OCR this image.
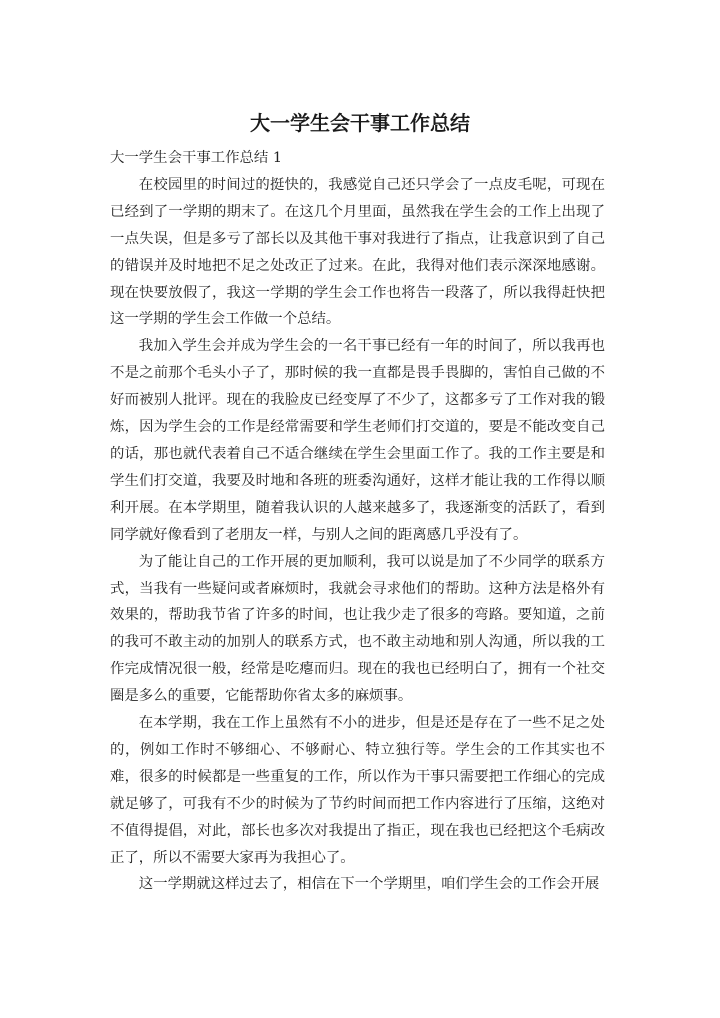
大一学生会干事工作总结

大一学生会干事工作总结 1

在校园里的时间过的挺快的，我感觉自己还只学会了一点皮毛呢，可现在已经到了一学期的期末了。在这几个月里面，虽然我在学生会的工作上出现了一点失误，但是多亏了部长以及其他干事对我进行了指点，让我意识到了自己的错误并及时地把不足之处改正了过来。在此，我得对他们表示深深地感谢。现在快要放假了，我这一学期的学生会工作也将告一段落了，所以我得赶快把这一学期的学生会工作做一个总结。

我加入学生会并成为学生会的一名干事已经有一年的时间了，所以我再也不是之前那个毛头小子了，那时候的我一直都是畏手畏脚的，害怕自己做的不好而被别人批评。现在的我脸皮已经变厚了不少了，这都多亏了工作对我的锻炼，因为学生会的工作是经常需要和学生老师们打交道的，要是不能改变自己的话，那也就代表着自己不适合继续在学生会里面工作了。我的工作主要是和学生们打交道，我要及时地和各班的班委沟通好，这样才能让我的工作得以顺利开展。在本学期里，随着我认识的人越来越多了，我逐渐变的活跃了，看到同学就好像看到了老朋友一样，与别人之间的距离感几乎没有了。

为了能让自己的工作开展的更加顺利，我可以说是加了不少同学的联系方式，当我有一些疑问或者麻烦时，我就会寻求他们的帮助。这种方法是格外有效果的，帮助我节省了许多的时间，也让我少走了很多的弯路。要知道，之前的我可不敢主动的加别人的联系方式，也不敢主动地和别人沟通，所以我的工作完成情况很一般，经常是吃瘪而归。现在的我也已经明白了，拥有一个社交圈是多么的重要，它能帮助你省太多的麻烦事。

在本学期，我在工作上虽然有不小的进步，但是还是存在了一些不足之处的，例如工作时不够细心、不够耐心、特立独行等。学生会的工作其实也不难，很多的时候都是一些重复的工作，所以作为干事只需要把工作细心的完成就足够了，可我有不少的时候为了节约时间而把工作内容进行了压缩，这绝对不值得提倡，对此，部长也多次对我提出了指正，现在我也已经把这个毛病改正了，所以不需要大家再为我担心了。

这一学期就这样过去了，相信在下一个学期里，咱们学生会的工作会开展
